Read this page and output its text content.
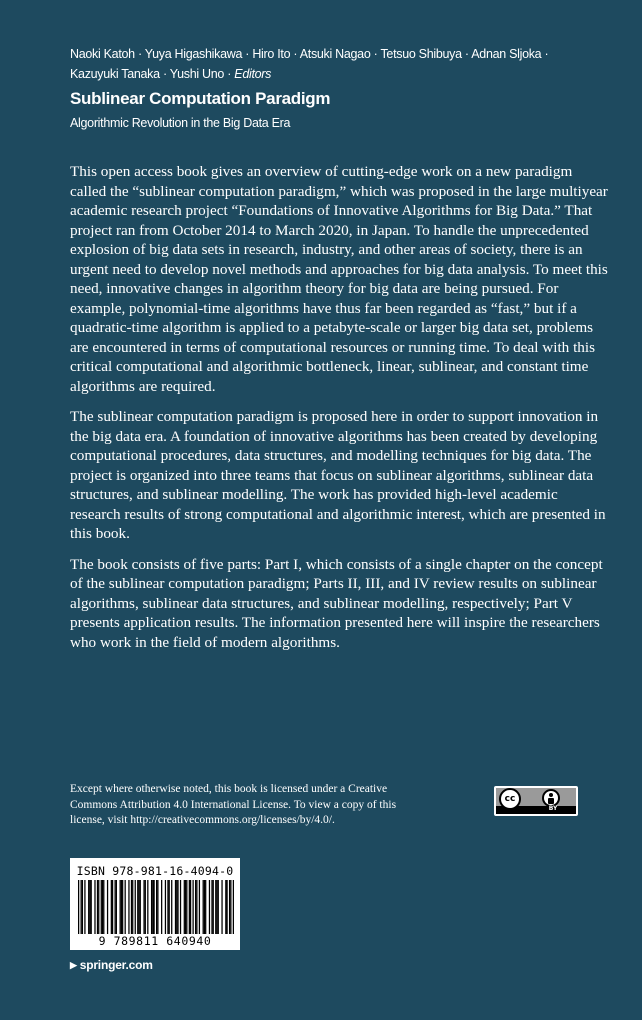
Naoki Katoh · Yuya Higashikawa · Hiro Ito · Atsuki Nagao · Tetsuo Shibuya · Adnan Sljoka ·
Kazuyuki Tanaka · Yushi Uno · Editors
Sublinear Computation Paradigm
Algorithmic Revolution in the Big Data Era

This open access book gives an overview of cutting-edge work on a new paradigm called the “sublinear computation paradigm,” which was proposed in the large multiyear academic research project “Foundations of Innovative Algorithms for Big Data.” That project ran from October 2014 to March 2020, in Japan. To handle the unprecedented explosion of big data sets in research, industry, and other areas of society, there is an urgent need to develop novel methods and approaches for big data analysis. To meet this need, innovative changes in algorithm theory for big data are being pursued. For example, polynomial-time algorithms have thus far been regarded as “fast,” but if a quadratic-time algorithm is applied to a petabyte-scale or larger big data set, problems are encountered in terms of computational resources or running time. To deal with this critical computational and algorithmic bottleneck, linear, sublinear, and constant time algorithms are required.

The sublinear computation paradigm is proposed here in order to support innovation in the big data era. A foundation of innovative algorithms has been created by developing computational procedures, data structures, and modelling techniques for big data. The project is organized into three teams that focus on sublinear algorithms, sublinear data structures, and sublinear modelling. The work has provided high-level academic research results of strong computational and algorithmic interest, which are presented in this book.

The book consists of five parts: Part I, which consists of a single chapter on the concept of the sublinear computation paradigm; Parts II, III, and IV review results on sublinear algorithms, sublinear data structures, and sublinear modelling, respectively; Part V presents application results. The information presented here will inspire the researchers who work in the field of modern algorithms.

Except where otherwise noted, this book is licensed under a Creative Commons Attribution 4.0 International License. To view a copy of this license, visit http://creativecommons.org/licenses/by/4.0/.
cc
BY
ISBN 978-981-16-4094-0
9 789811 640940
▶ springer.com
